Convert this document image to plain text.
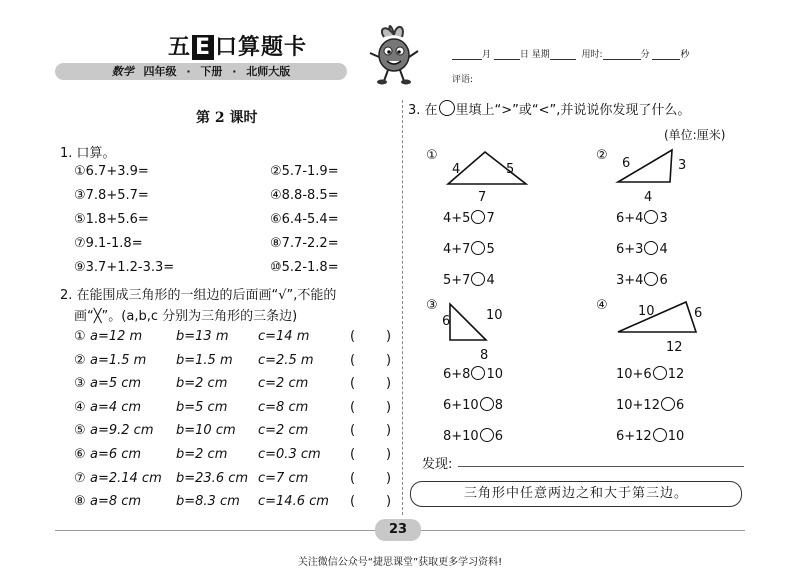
五 E 口算题卡
数学 四年级 · 下册 · 北师大版
月	日 星期	用时:	分	秒
评语:
第 2 课时
1. 口算。
①6.7+3.9=	②5.7-1.9=
③7.8+5.7=	④8.8-8.5=
⑤1.8+5.6=	⑥6.4-5.4=
⑦9.1-1.8=	⑧7.7-2.2=
⑨3.7+1.2-3.3=	⑩5.2-1.8=
2. 在能围成三角形的一组边的后面画“√”,不能的
画“╳”。(a,b,c 分别为三角形的三条边)
① a=12 m	b=13 m c=14 m	( )
② a=1.5 m b=1.5 m c=2.5 m	( )
③ a=5 cm	b=2 cm c=2 cm	( )
④ a=4 cm	b=5 cm c=8 cm	( )
⑤ a=9.2 cm b=10 cm c=2 cm	( )
⑥ a=6 cm	b=2 cm c=0.3 cm ( )
⑦ a=2.14 cm b=23.6 cm c=7 cm	( )
⑧ a=8 cm	b=8.3 cm c=14.6 cm ( )
3. 在 里填上“>”或“<”,并说说你发现了什么。
(单位:厘米)
①
4	5
7
4+5 7
4+7 5
5+7 4
②
6	3
4
6+4 3
6+3 4
3+4 6
③
6	10
8
6+8 10
6+10 8
8+10 6
④ 10	6
12
10+6 12
10+12 6
6+12 10
发现:
三角形中任意两边之和大于第三边。
23
关注微信公众号“捷思课堂”获取更多学习资料!
